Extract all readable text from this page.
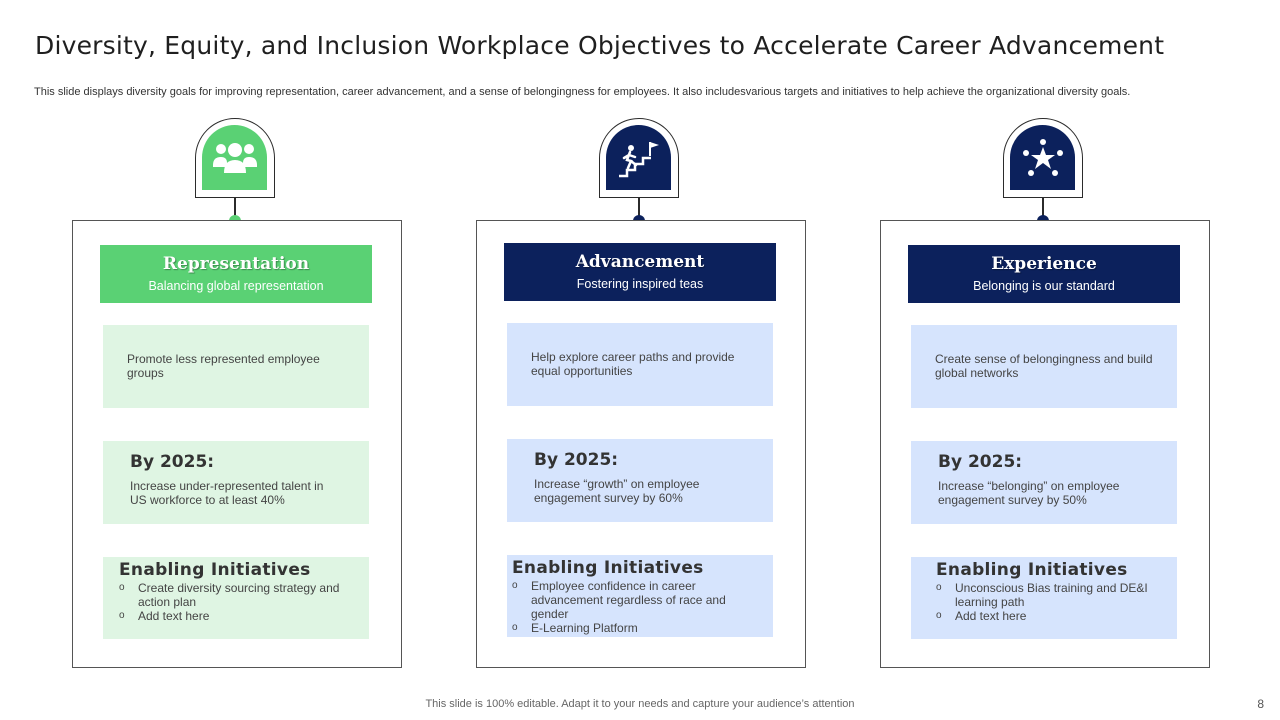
Diversity, Equity, and Inclusion Workplace Objectives to Accelerate Career Advancement
This slide displays diversity goals for improving representation, career advancement, and a sense of belongingness for employees. It also includesvarious targets and initiatives to help achieve the organizational diversity goals.
Representation
Balancing global representation
Promote less represented employee groups
By 2025:
Increase under-represented talent in US workforce to at least 40%
Enabling Initiatives
o Create diversity sourcing strategy and action plan
o Add text here
Advancement
Fostering inspired teas
Help explore career paths and provide equal opportunities
By 2025:
Increase “growth” on employee engagement survey by 60%
Enabling Initiatives
o Employee confidence in career advancement regardless of race and gender
o E-Learning Platform
Experience
Belonging is our standard
Create sense of belongingness and build global networks
By 2025:
Increase “belonging” on employee engagement survey by 50%
Enabling Initiatives
o Unconscious Bias training and DE&I learning path
o Add text here
This slide is 100% editable. Adapt it to your needs and capture your audience’s attention	8
